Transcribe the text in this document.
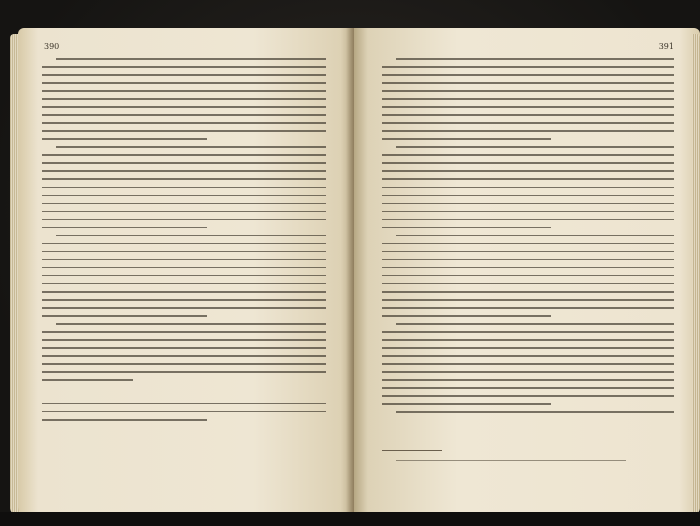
390	391
